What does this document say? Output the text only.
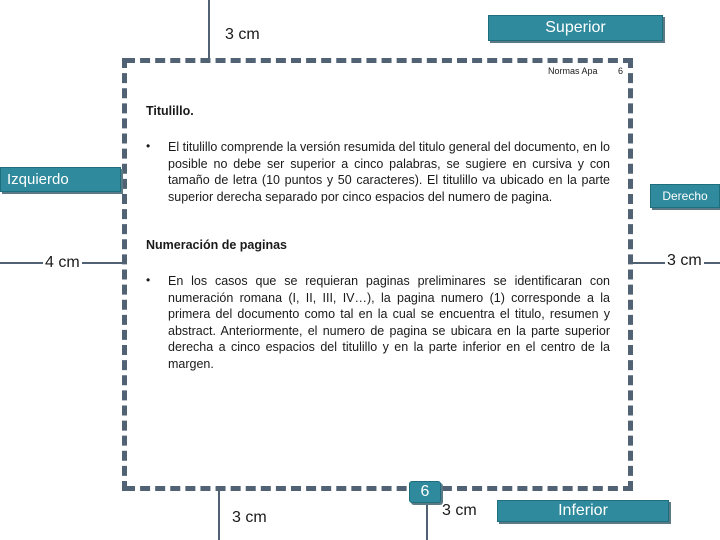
3 cm	Superior
Izquierdo
4 cm
Derecho
3 cm
3 cm
6
3 cm	Inferior
Normas Apa 6
Titulillo.
• El titulillo comprende la versión resumida del titulo general del documento, en lo posible no debe ser superior a cinco palabras, se sugiere en cursiva y con tamaño de letra (10 puntos y 50 caracteres). El titulillo va ubicado en la parte superior derecha separado por cinco espacios del numero de pagina.
Numeración de paginas
• En los casos que se requieran paginas preliminares se identificaran con numeración romana (I, II, III, IV…), la pagina numero (1) corresponde a la primera del documento como tal en la cual se encuentra el titulo, resumen y abstract. Anteriormente, el numero de pagina se ubicara en la parte superior derecha a cinco espacios del titulillo y en la parte inferior en el centro de la margen.
